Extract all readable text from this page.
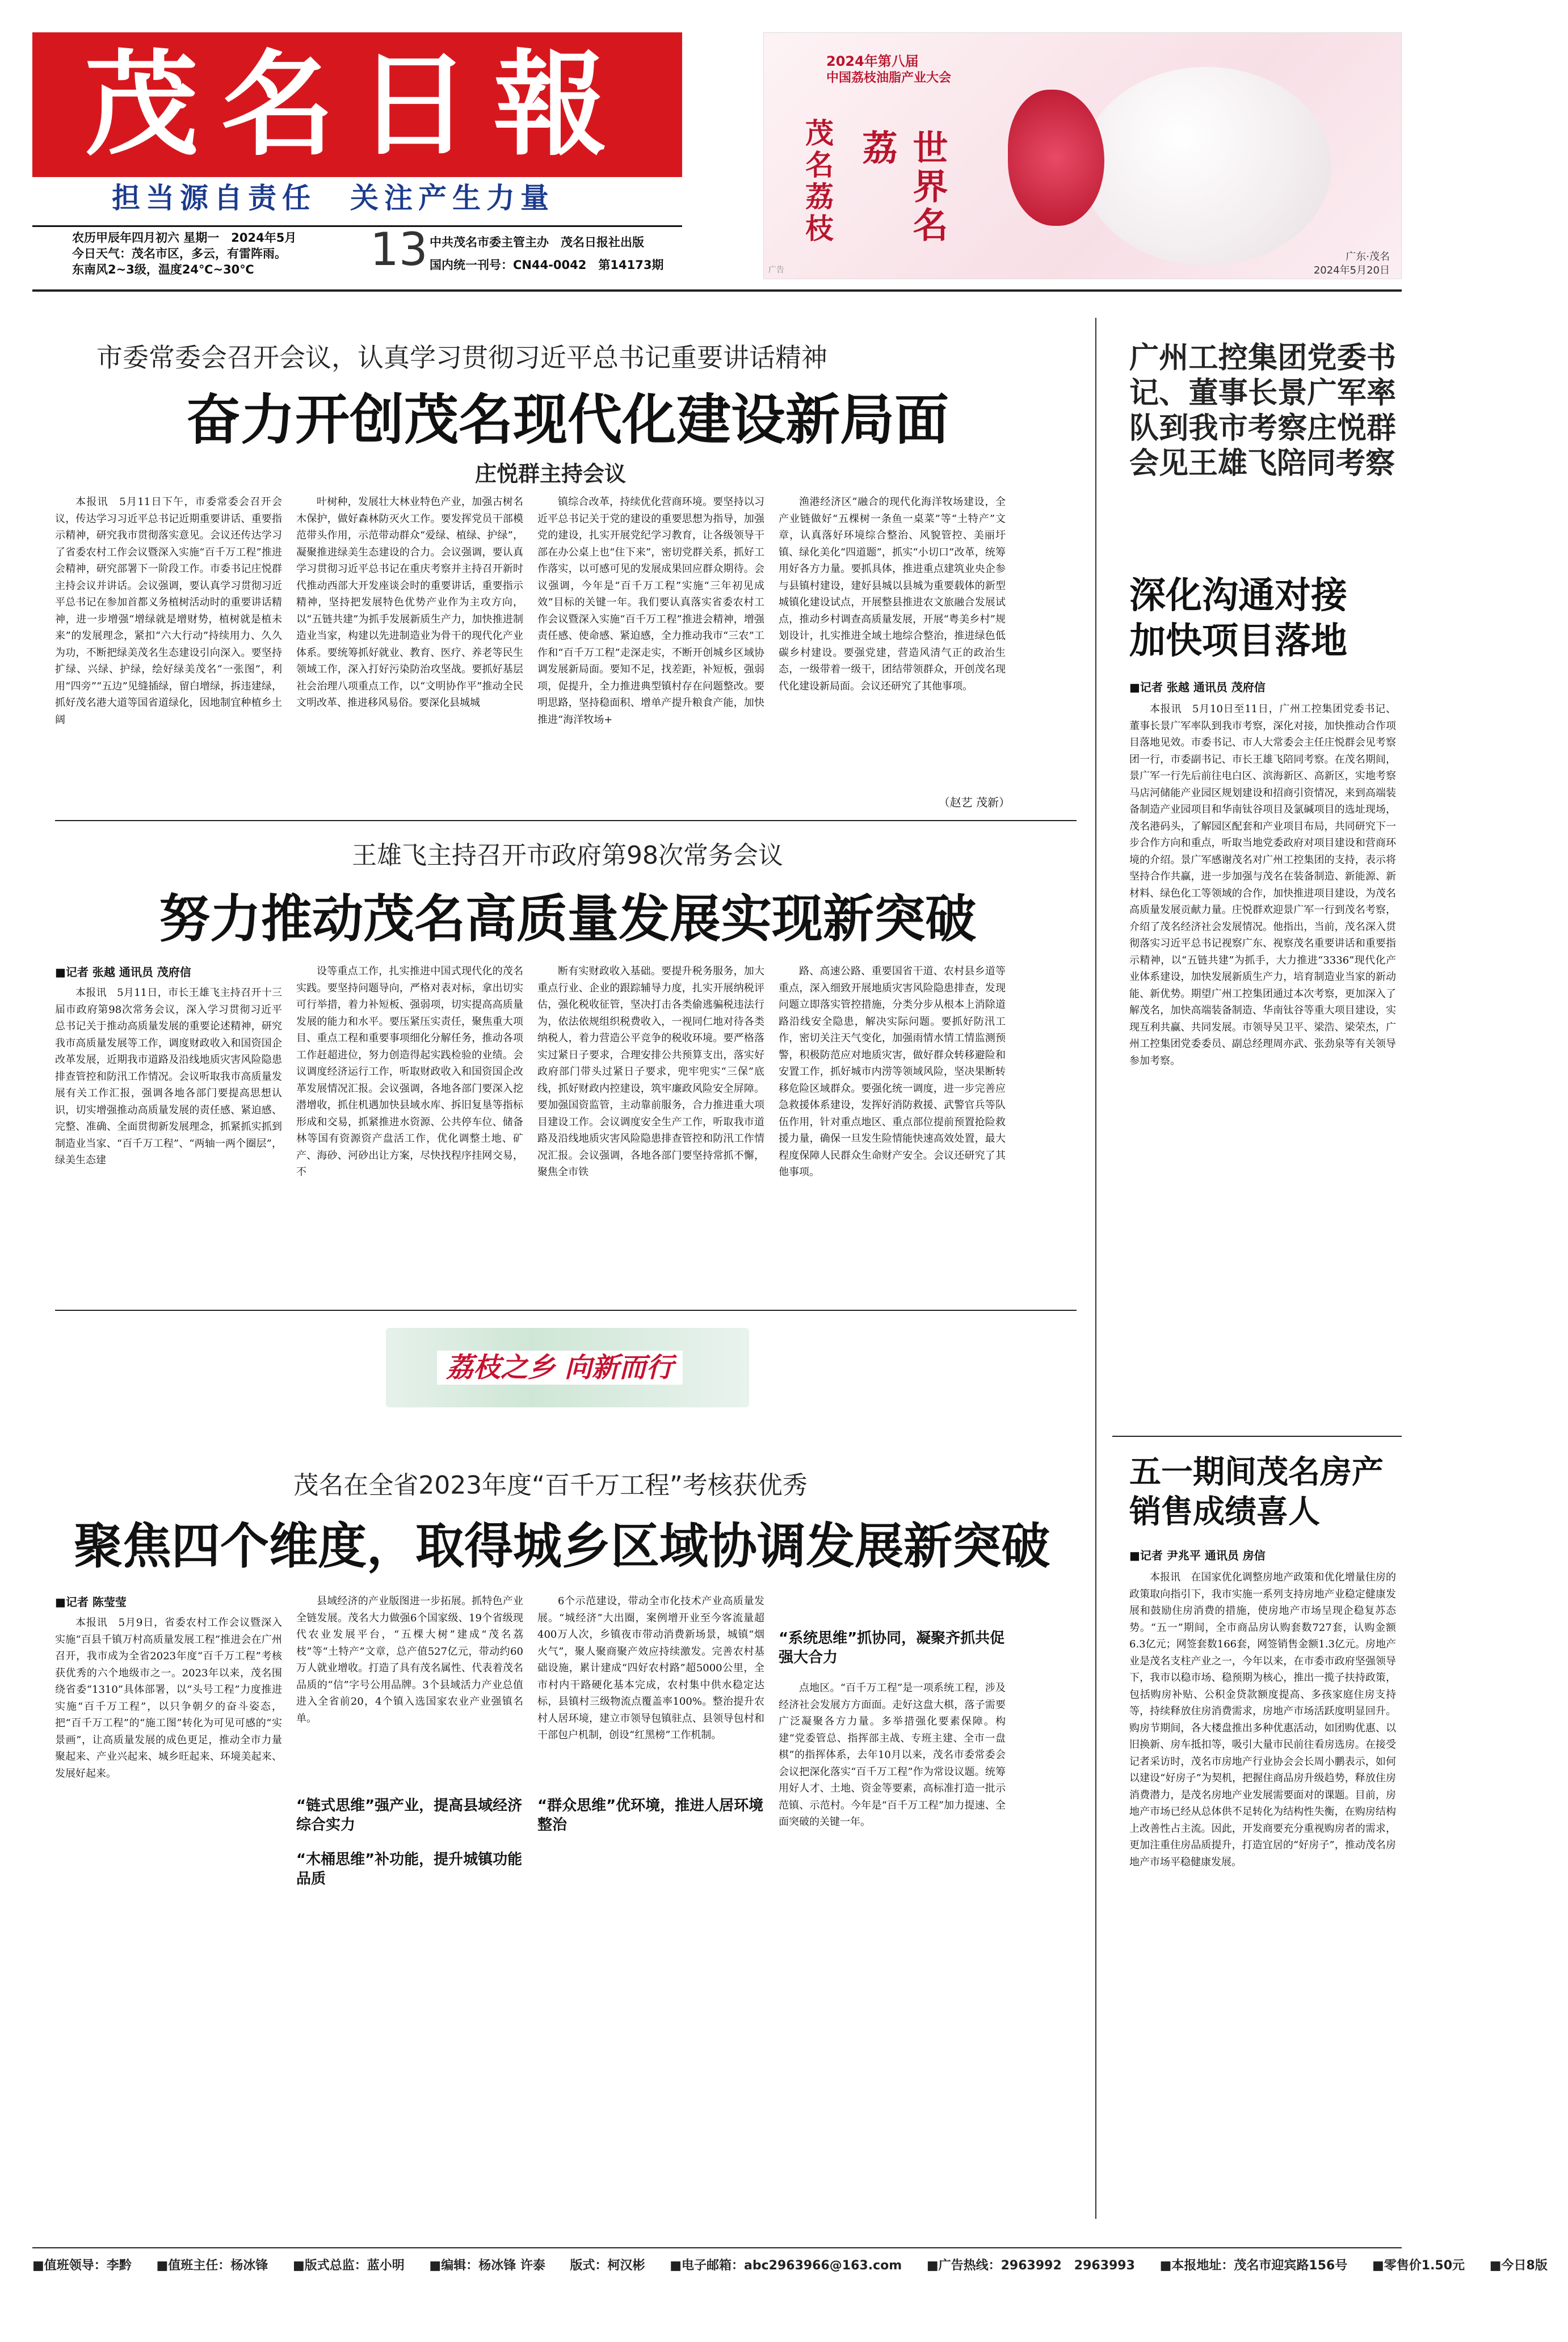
茂名日報
担当源自责任　关注产生力量
农历甲辰年四月初六 星期一　2024年5月
今日天气：茂名市区，多云，有雷阵雨。
东南风2~3级，温度24℃~30℃	13 中共茂名市委主管主办　茂名日报社出版
国内统一刊号：CN44-0042　第14173期
2024年第八届
中国荔枝油脂产业大会
茂名荔枝	世界名荔
广东·茂名
2024年5月20日
广告
市委常委会召开会议，认真学习贯彻习近平总书记重要讲话精神
奋力开创茂名现代化建设新局面
庄悦群主持会议
本报讯　5月11日下午，市委常委会召开会议，传达学习习近平总书记近期重要讲话、重要指示精神，研究我市贯彻落实意见。会议还传达学习了省委农村工作会议暨深入实施“百千万工程”推进会精神，研究部署下一阶段工作。市委书记庄悦群主持会议并讲话。会议强调，要认真学习贯彻习近平总书记在参加首都义务植树活动时的重要讲话精神，进一步增强“增绿就是增财势，植树就是植未来”的发展理念，紧扣“六大行动”持续用力、久久为功，不断把绿美茂名生态建设引向深入。要坚持扩绿、兴绿、护绿，绘好绿美茂名“一张图”，利用“四旁”“五边”见缝插绿，留白增绿，拆违建绿，抓好茂名港大道等国省道绿化，因地制宜种植乡土阔
叶树种，发展壮大林业特色产业，加强古树名木保护，做好森林防灭火工作。要发挥党员干部模范带头作用，示范带动群众“爱绿、植绿、护绿”，凝聚推进绿美生态建设的合力。会议强调，要认真学习贯彻习近平总书记在重庆考察并主持召开新时代推动西部大开发座谈会时的重要讲话，重要指示精神，坚持把发展特色优势产业作为主攻方向，以“五链共建”为抓手发展新质生产力，加快推进制造业当家，构建以先进制造业为骨干的现代化产业体系。要统筹抓好就业、教育、医疗、养老等民生领域工作，深入打好污染防治攻坚战。要抓好基层社会治理八项重点工作，以“文明协作平”推动全民文明改革、推进移风易俗。要深化县城城
镇综合改革，持续优化营商环境。要坚持以习近平总书记关于党的建设的重要思想为指导，加强党的建设，扎实开展党纪学习教育，让各级领导干部在办公桌上也“住下来”，密切党群关系，抓好工作落实，以可感可见的发展成果回应群众期待。会议强调，今年是“百千万工程”实施“三年初见成效”目标的关键一年。我们要认真落实省委农村工作会议暨深入实施“百千万工程”推进会精神，增强责任感、使命感、紧迫感，全力推动我市“三农”工作和“百千万工程”走深走实，不断开创城乡区域协调发展新局面。要知不足，找差距，补短板，强弱项，促提升，全力推进典型镇村存在问题整改。要明思路，坚持稳面积、增单产提升粮食产能，加快推进“海洋牧场+
渔港经济区”融合的现代化海洋牧场建设，全产业链做好“五棵树一条鱼一桌菜”等“土特产”文章，认真落好环境综合整治、风貌管控、美丽圩镇、绿化美化“四道题”，抓实“小切口”改革，统筹用好各方力量。要抓具体，推进重点建筑业央企参与县镇村建设，建好县城以县城为重要载体的新型城镇化建设试点，开展整县推进农文旅融合发展试点，推动乡村调查高质量发展，开展“粤美乡村”规划设计，扎实推进全域土地综合整治，推进绿色低碳乡村建设。要强党建，营造风清气正的政治生态，一级带着一级干，团结带领群众，开创茂名现代化建设新局面。会议还研究了其他事项。
（赵艺 茂新）
王雄飞主持召开市政府第98次常务会议
努力推动茂名高质量发展实现新突破
■记者 张越 通讯员 茂府信
本报讯　5月11日，市长王雄飞主持召开十三届市政府第98次常务会议，深入学习贯彻习近平总书记关于推动高质量发展的重要论述精神，研究我市高质量发展等工作，调度财政收入和国资国企改革发展，近期我市道路及沿线地质灾害风险隐患排查管控和防汛工作情况。会议听取我市高质量发展有关工作汇报，强调各地各部门要提高思想认识，切实增强推动高质量发展的责任感、紧迫感、完整、准确、全面贯彻新发展理念，抓紧抓实抓到制造业当家、“百千万工程”、“两轴一两个圈层”，绿美生态建
设等重点工作，扎实推进中国式现代化的茂名实践。要坚持问题导向，严格对表对标，拿出切实可行举措，着力补短板、强弱项，切实提高高质量发展的能力和水平。要压紧压实责任，聚焦重大项目、重点工程和重要事项细化分解任务，推动各项工作赶超进位，努力创造得起实践检验的业绩。会议调度经济运行工作，听取财政收入和国资国企改革发展情况汇报。会议强调，各地各部门要深入挖潜增收，抓住机遇加快县域水库、拆旧复垦等指标形成和交易，抓紧推进水资源、公共停车位、储备林等国有资源资产盘活工作，优化调整土地、矿产、海砂、河砂出让方案，尽快找程序挂网交易，不
断有实财政收入基础。要提升税务服务，加大重点行业、企业的跟踪辅导力度，扎实开展纳税评估，强化税收征管，坚决打击各类偷逃骗税违法行为，依法依规组织税费收入，一视同仁地对待各类纳税人，着力营造公平竞争的税收环境。要严格落实过紧日子要求，合理安排公共预算支出，落实好政府部门带头过紧日子要求，兜牢兜实“三保”底线，抓好财政内控建设，筑牢廉政风险安全屏障。要加强国资监管，主动靠前服务，合力推进重大项目建设工作。会议调度安全生产工作，听取我市道路及沿线地质灾害风险隐患排查管控和防汛工作情况汇报。会议强调，各地各部门要坚持常抓不懈，聚焦全市铁
路、高速公路、重要国省干道、农村县乡道等重点，深入细致开展地质灾害风险隐患排查，发现问题立即落实管控措施，分类分步从根本上消除道路沿线安全隐患，解决实际问题。要抓好防汛工作，密切关注天气变化，加强雨情水情工情监测预警，积极防范应对地质灾害，做好群众转移避险和安置工作，抓好城市内涝等领域风险，坚决果断转移危险区域群众。要强化统一调度，进一步完善应急救援体系建设，发挥好消防救援、武警官兵等队伍作用，针对重点地区、重点部位提前预置抢险救援力量，确保一旦发生险情能快速高效处置，最大程度保障人民群众生命财产安全。会议还研究了其他事项。
荔枝之乡 向新而行
茂名在全省2023年度“百千万工程”考核获优秀
聚焦四个维度，取得城乡区域协调发展新突破
■记者 陈莹莹
本报讯　5月9日，省委农村工作会议暨深入实施“百县千镇万村高质量发展工程”推进会在广州召开，我市成为全省2023年度“百千万工程”考核获优秀的六个地级市之一。2023年以来，茂名围绕省委“1310”具体部署，以“头号工程”力度推进实施“百千万工程”，以只争朝夕的奋斗姿态，把“百千万工程”的“施工图”转化为可见可感的“实景画”，让高质量发展的成色更足，推动全市力量聚起来、产业兴起来、城乡旺起来、环境美起来、发展好起来。
县域经济的产业版图进一步拓展。抓特色产业全链发展。茂名大力做强6个国家级、19个省级现代农业发展平台，“五棵大树”建成“茂名荔枝”等“土特产”文章，总产值527亿元，带动约60万人就业增收。打造了具有茂名属性、代表着茂名品质的“信”字号公用品牌。3个县域活力产业总值进入全省前20，4个镇入选国家农业产业强镇名单。
“链式思维”强产业，提高县域经济综合实力
“木桶思维”补功能，提升城镇功能品质
6个示范建设，带动全市化技术产业高质量发展。“城经济”大出圈，案例增开业至今客流量超400万人次，乡镇夜市带动消费新场景，城镇“烟火气”，聚人聚商聚产效应持续激发。完善农村基础设施，累计建成“四好农村路”超5000公里，全市村内干路硬化基本完成，农村集中供水稳定达标，县镇村三级物流点覆盖率100%。整治提升农村人居环境，建立市领导包镇驻点、县领导包村和干部包户机制，创设“红黑榜”工作机制。
“群众思维”优环境，推进人居环境整治
“系统思维”抓协同，凝聚齐抓共促强大合力
点地区。“百千万工程”是一项系统工程，涉及经济社会发展方方面面。走好这盘大棋，落子需要广泛凝聚各方力量。多举措强化要素保障。构建“党委管总、指挥部主战、专班主建、全市一盘棋”的指挥体系，去年10月以来，茂名市委常委会会议把深化落实“百千万工程”作为常设议题。统筹用好人才、土地、资金等要素，高标准打造一批示范镇、示范村。今年是“百千万工程”加力提速、全面突破的关键一年。
广州工控集团党委书记、董事长景广军率队到我市考察庄悦群会见王雄飞陪同考察
深化沟通对接加快项目落地
■记者 张越 通讯员 茂府信
本报讯　5月10日至11日，广州工控集团党委书记、董事长景广军率队到我市考察，深化对接，加快推动合作项目落地见效。市委书记、市人大常委会主任庄悦群会见考察团一行，市委副书记、市长王雄飞陪同考察。在茂名期间，景广军一行先后前往电白区、滨海新区、高新区，实地考察马店河储能产业园区规划建设和招商引资情况，来到高端装备制造产业园项目和华南钛谷项目及氯碱项目的选址现场，茂名港码头，了解园区配套和产业项目布局，共同研究下一步合作方向和重点，听取当地党委政府对项目建设和营商环境的介绍。景广军感谢茂名对广州工控集团的支持，表示将坚持合作共赢，进一步加强与茂名在装备制造、新能源、新材料、绿色化工等领域的合作，加快推进项目建设，为茂名高质量发展贡献力量。庄悦群欢迎景广军一行到茂名考察，介绍了茂名经济社会发展情况。他指出，当前，茂名深入贯彻落实习近平总书记视察广东、视察茂名重要讲话和重要指示精神，以“五链共建”为抓手，大力推进“3336”现代化产业体系建设，加快发展新质生产力，培育制造业当家的新动能、新优势。期望广州工控集团通过本次考察，更加深入了解茂名，加快高端装备制造、华南钛谷等重大项目建设，实现互利共赢、共同发展。市领导吴卫平、梁浩、梁荣杰，广州工控集团党委委员、副总经理周亦武、张劲泉等有关领导参加考察。
五一期间茂名房产销售成绩喜人
■记者 尹兆平 通讯员 房信
本报讯　在国家优化调整房地产政策和优化增量住房的政策取向指引下，我市实施一系列支持房地产业稳定健康发展和鼓励住房消费的措施，使房地产市场呈现企稳复苏态势。“五一”期间，全市商品房认购套数727套，认购金额6.3亿元；网签套数166套，网签销售金额1.3亿元。房地产业是茂名支柱产业之一，今年以来，在市委市政府坚强领导下，我市以稳市场、稳预期为核心，推出一揽子扶持政策，包括购房补贴、公积金贷款额度提高、多孩家庭住房支持等，持续释放住房消费需求，房地产市场活跃度明显回升。购房节期间，各大楼盘推出多种优惠活动，如团购优惠、以旧换新、房车抵扣等，吸引大量市民前往看房选房。在接受记者采访时，茂名市房地产行业协会会长周小鹏表示，如何以建设“好房子”为契机，把握住商品房升级趋势，释放住房消费潜力，是茂名房地产业发展需要面对的课题。目前，房地产市场已经从总体供不足转化为结构性失衡，在购房结构上改善性占主流。因此，开发商要充分重视购房者的需求，更加注重住房品质提升，打造宜居的“好房子”，推动茂名房地产市场平稳健康发展。
■值班领导：李黔 ■值班主任：杨冰锋 ■版式总监：蓝小明 ■编辑：杨冰锋 许泰 版式：柯汉彬 ■电子邮箱：abc2963966@163.com ■广告热线：2963992　2963993 ■本报地址：茂名市迎宾路156号 ■零售价1.50元 ■今日8版
